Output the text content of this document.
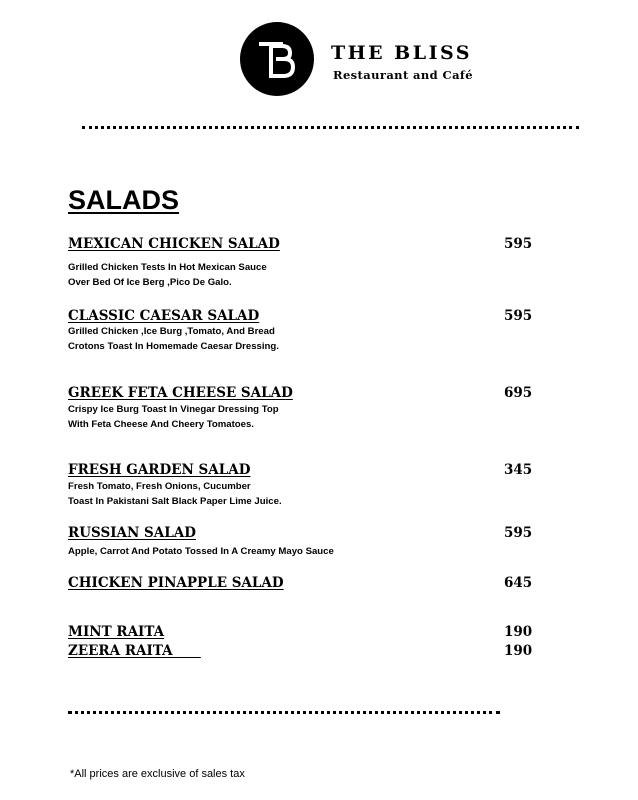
THE BLISS
Restaurant and Café
SALADS
MEXICAN CHICKEN SALAD	595
Grilled Chicken Tests In Hot Mexican Sauce
Over Bed Of Ice Berg ,Pico De Galo.
CLASSIC CAESAR SALAD	595
Grilled Chicken ,Ice Burg ,Tomato, And Bread
Crotons Toast In Homemade Caesar Dressing.
GREEK FETA CHEESE SALAD	695
Crispy Ice Burg Toast In Vinegar Dressing Top
With Feta Cheese And Cheery Tomatoes.
FRESH GARDEN SALAD	345
Fresh Tomato, Fresh Onions, Cucumber
Toast In Pakistani Salt Black Paper Lime Juice.
RUSSIAN SALAD	595
Apple, Carrot And Potato Tossed In A Creamy Mayo Sauce
CHICKEN PINAPPLE SALAD	645
MINT RAITA	190
ZEERA RAITA	190
*All prices are exclusive of sales tax
